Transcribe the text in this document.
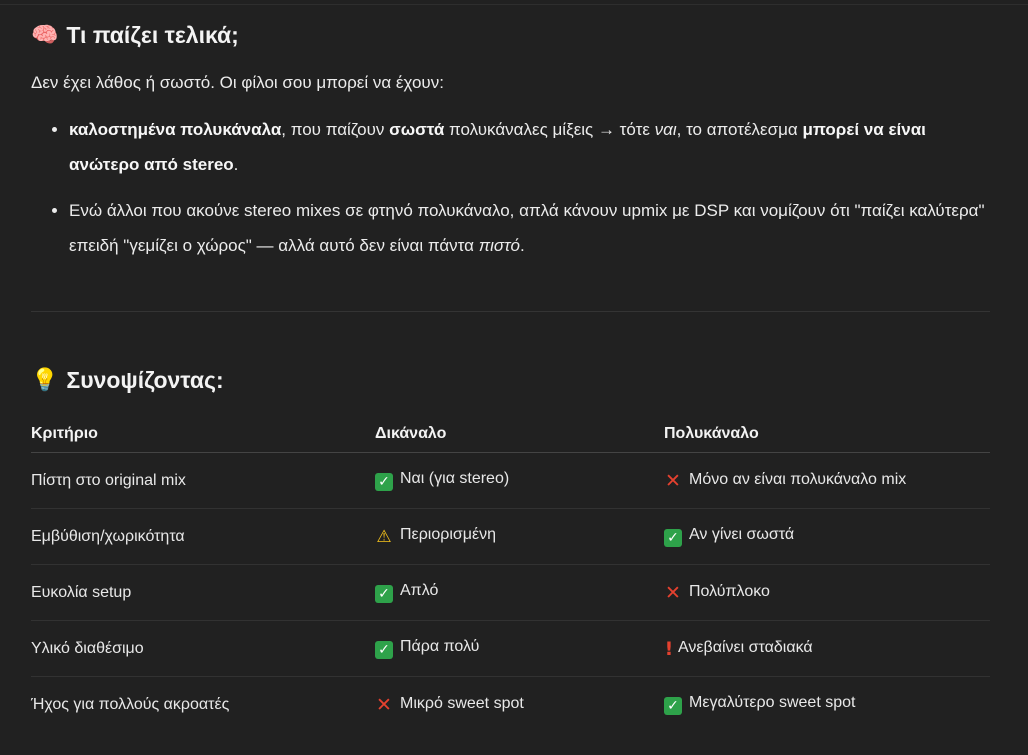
🧠 Τι παίζει τελικά;

Δεν έχει λάθος ή σωστό. Οι φίλοι σου μπορεί να έχουν:

• καλοστημένα πολυκάναλα, που παίζουν σωστά πολυκάναλες μίξεις → τότε ναι, το αποτέλεσμα μπορεί να είναι ανώτερο από stereo.
• Ενώ άλλοι που ακούνε stereo mixes σε φτηνό πολυκάναλο, απλά κάνουν upmix με DSP και νομίζουν ότι "παίζει καλύτερα" επειδή "γεμίζει ο χώρος" — αλλά αυτό δεν είναι πάντα πιστό.
💡 Συνοψίζοντας:
Κριτήριο	Δικάναλο	Πολυκάναλο
Πίστη στο original mix	✓ Ναι (για stereo)	✕ Μόνο αν είναι πολυκάναλο mix
Εμβύθιση/χωρικότητα	⚠ Περιορισμένη	✓ Αν γίνει σωστά
Ευκολία setup	✓ Απλό	✕ Πολύπλοκο
Υλικό διαθέσιμο	✓ Πάρα πολύ	! Ανεβαίνει σταδιακά
Ήχος για πολλούς ακροατές	✕ Μικρό sweet spot	✓ Μεγαλύτερο sweet spot
